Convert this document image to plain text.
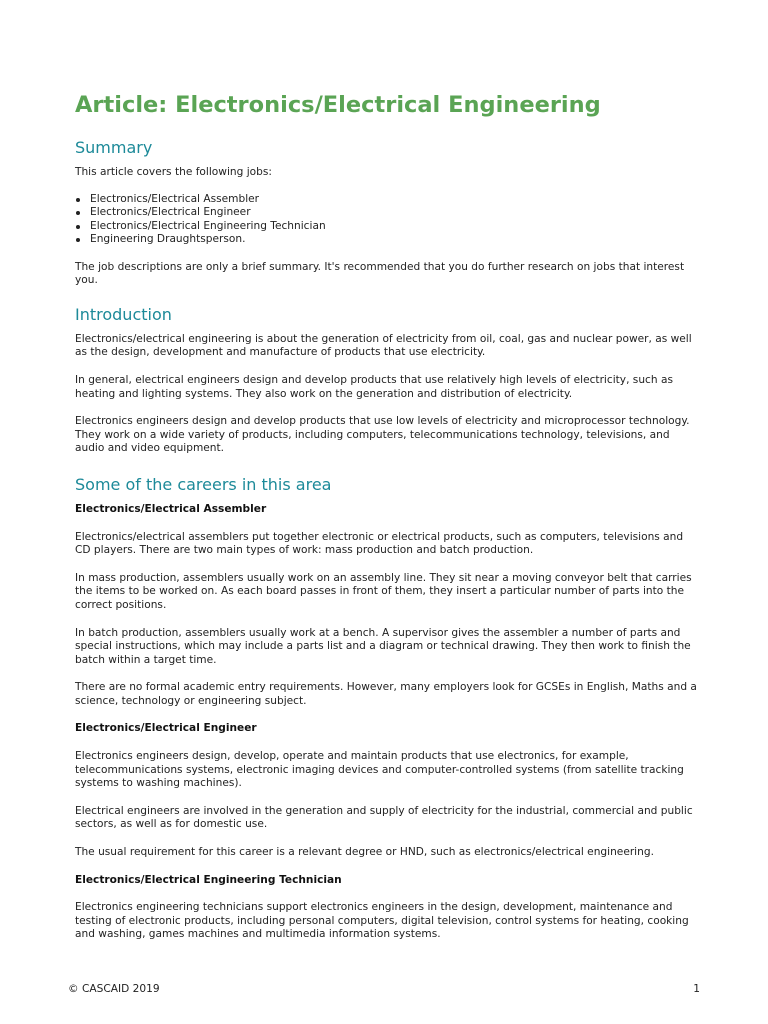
Article: Electronics/Electrical Engineering
Summary

This article covers the following jobs:

Electronics/Electrical Assembler
Electronics/Electrical Engineer
Electronics/Electrical Engineering Technician
Engineering Draughtsperson.

The job descriptions are only a brief summary. It's recommended that you do further research on jobs that interest you.

Introduction

Electronics/electrical engineering is about the generation of electricity from oil, coal, gas and nuclear power, as well as the design, development and manufacture of products that use electricity.

In general, electrical engineers design and develop products that use relatively high levels of electricity, such as heating and lighting systems. They also work on the generation and distribution of electricity.

Electronics engineers design and develop products that use low levels of electricity and microprocessor technology. They work on a wide variety of products, including computers, telecommunications technology, televisions, and audio and video equipment.

Some of the careers in this area
Electronics/Electrical Assembler

Electronics/electrical assemblers put together electronic or electrical products, such as computers, televisions and CD players. There are two main types of work: mass production and batch production.

In mass production, assemblers usually work on an assembly line. They sit near a moving conveyor belt that carries the items to be worked on. As each board passes in front of them, they insert a particular number of parts into the correct positions.

In batch production, assemblers usually work at a bench. A supervisor gives the assembler a number of parts and special instructions, which may include a parts list and a diagram or technical drawing. They then work to finish the batch within a target time.

There are no formal academic entry requirements. However, many employers look for GCSEs in English, Maths and a science, technology or engineering subject.

Electronics/Electrical Engineer

Electronics engineers design, develop, operate and maintain products that use electronics, for example, telecommunications systems, electronic imaging devices and computer-controlled systems (from satellite tracking systems to washing machines).

Electrical engineers are involved in the generation and supply of electricity for the industrial, commercial and public sectors, as well as for domestic use.

The usual requirement for this career is a relevant degree or HND, such as electronics/electrical engineering.

Electronics/Electrical Engineering Technician

Electronics engineering technicians support electronics engineers in the design, development, maintenance and testing of electronic products, including personal computers, digital television, control systems for heating, cooking and washing, games machines and multimedia information systems.

© CASCAID 2019	1
